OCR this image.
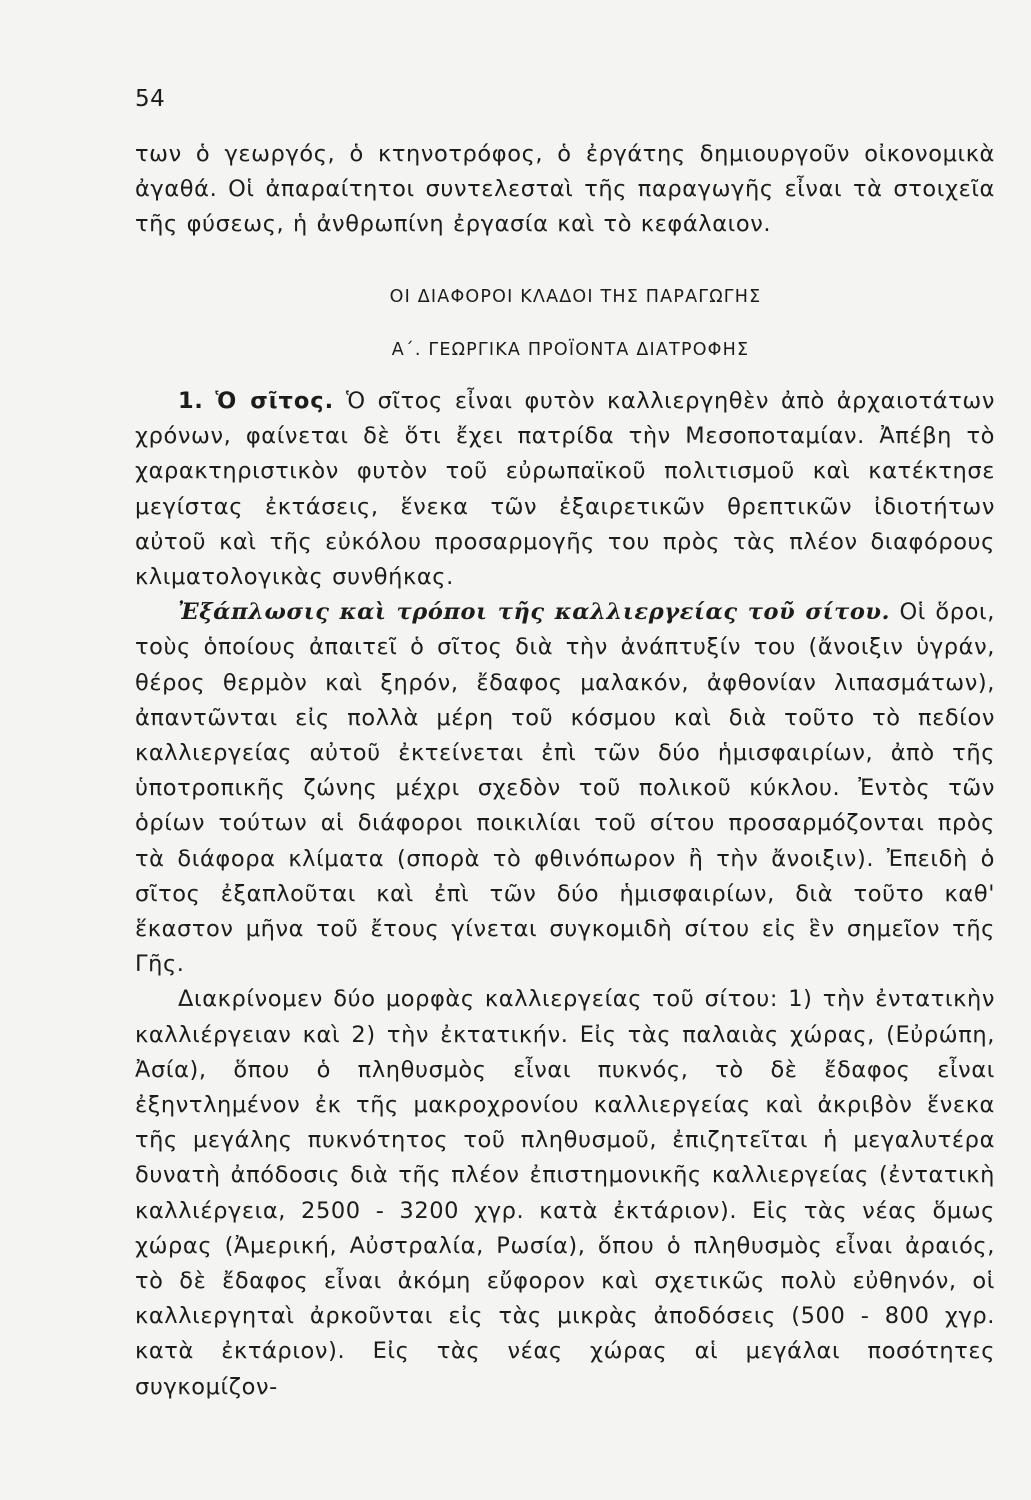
54
των ὁ γεωργός, ὁ κτηνοτρόφος, ὁ ἐργάτης δημιουργοῦν οἰκονομικὰ ἀγαθά. Οἱ ἀπαραίτητοι συντελεσταὶ τῆς παραγωγῆς εἶναι τὰ στοιχεῖα τῆς φύσεως, ἡ ἀνθρωπίνη ἐργασία καὶ τὸ κεφάλαιον.
ΟΙ ΔΙΑΦΟΡΟΙ ΚΛΑΔΟΙ ΤΗΣ ΠΑΡΑΓΩΓΗΣ
Α΄. ΓΕΩΡΓΙΚΑ ΠΡΟΪΟΝΤΑ ΔΙΑΤΡΟΦΗΣ

1. Ὁ σῖτος. Ὁ σῖτος εἶναι φυτὸν καλλιεργηθὲν ἀπὸ ἀρχαιοτάτων χρόνων, φαίνεται δὲ ὅτι ἔχει πατρίδα τὴν Μεσοποταμίαν. Ἀπέβη τὸ χαρακτηριστικὸν φυτὸν τοῦ εὐρωπαϊκοῦ πολιτισμοῦ καὶ κατέκτησε μεγίστας ἐκτάσεις, ἕνεκα τῶν ἐξαιρετικῶν θρεπτικῶν ἰδιοτήτων αὐτοῦ καὶ τῆς εὐκόλου προσαρμογῆς του πρὸς τὰς πλέον διαφόρους κλιματολογικὰς συνθήκας.

Ἐξάπλωσις καὶ τρόποι τῆς καλλιεργείας τοῦ σίτου. Οἱ ὅροι, τοὺς ὁποίους ἀπαιτεῖ ὁ σῖτος διὰ τὴν ἀνάπτυξίν του (ἄνοιξιν ὑγράν, θέρος θερμὸν καὶ ξηρόν, ἔδαφος μαλακόν, ἀφθονίαν λιπασμάτων), ἀπαντῶνται εἰς πολλὰ μέρη τοῦ κόσμου καὶ διὰ τοῦτο τὸ πεδίον καλλιεργείας αὐτοῦ ἐκτείνεται ἐπὶ τῶν δύο ἡμισφαιρίων, ἀπὸ τῆς ὑποτροπικῆς ζώνης μέχρι σχεδὸν τοῦ πολικοῦ κύκλου. Ἐντὸς τῶν ὁρίων τούτων αἱ διάφοροι ποικιλίαι τοῦ σίτου προσαρμόζονται πρὸς τὰ διάφορα κλίματα (σπορὰ τὸ φθινόπωρον ἢ τὴν ἄνοιξιν). Ἐπειδὴ ὁ σῖτος ἐξαπλοῦται καὶ ἐπὶ τῶν δύο ἡμισφαιρίων, διὰ τοῦτο καθ' ἕκαστον μῆνα τοῦ ἔτους γίνεται συγκομιδὴ σίτου εἰς ἓν σημεῖον τῆς Γῆς.

Διακρίνομεν δύο μορφὰς καλλιεργείας τοῦ σίτου: 1) τὴν ἐντατικὴν καλλιέργειαν καὶ 2) τὴν ἐκτατικήν. Εἰς τὰς παλαιὰς χώρας, (Εὐρώπη, Ἀσία), ὅπου ὁ πληθυσμὸς εἶναι πυκνός, τὸ δὲ ἔδαφος εἶναι ἐξηντλημένον ἐκ τῆς μακροχρονίου καλλιεργείας καὶ ἀκριβὸν ἕνεκα τῆς μεγάλης πυκνότητος τοῦ πληθυσμοῦ, ἐπιζητεῖται ἡ μεγαλυτέρα δυνατὴ ἀπόδοσις διὰ τῆς πλέον ἐπιστημονικῆς καλλιεργείας (ἐντατικὴ καλλιέργεια, 2500 - 3200 χγρ. κατὰ ἐκτάριον). Εἰς τὰς νέας ὅμως χώρας (Ἀμερική, Αὐστραλία, Ρωσία), ὅπου ὁ πληθυσμὸς εἶναι ἀραιός, τὸ δὲ ἔδαφος εἶναι ἀκόμη εὔφορον καὶ σχετικῶς πολὺ εὐθηνόν, οἱ καλλιεργηταὶ ἀρκοῦνται εἰς τὰς μικρὰς ἀποδόσεις (500 - 800 χγρ. κατὰ ἐκτάριον). Εἰς τὰς νέας χώρας αἱ μεγάλαι ποσότητες συγκομίζον-
